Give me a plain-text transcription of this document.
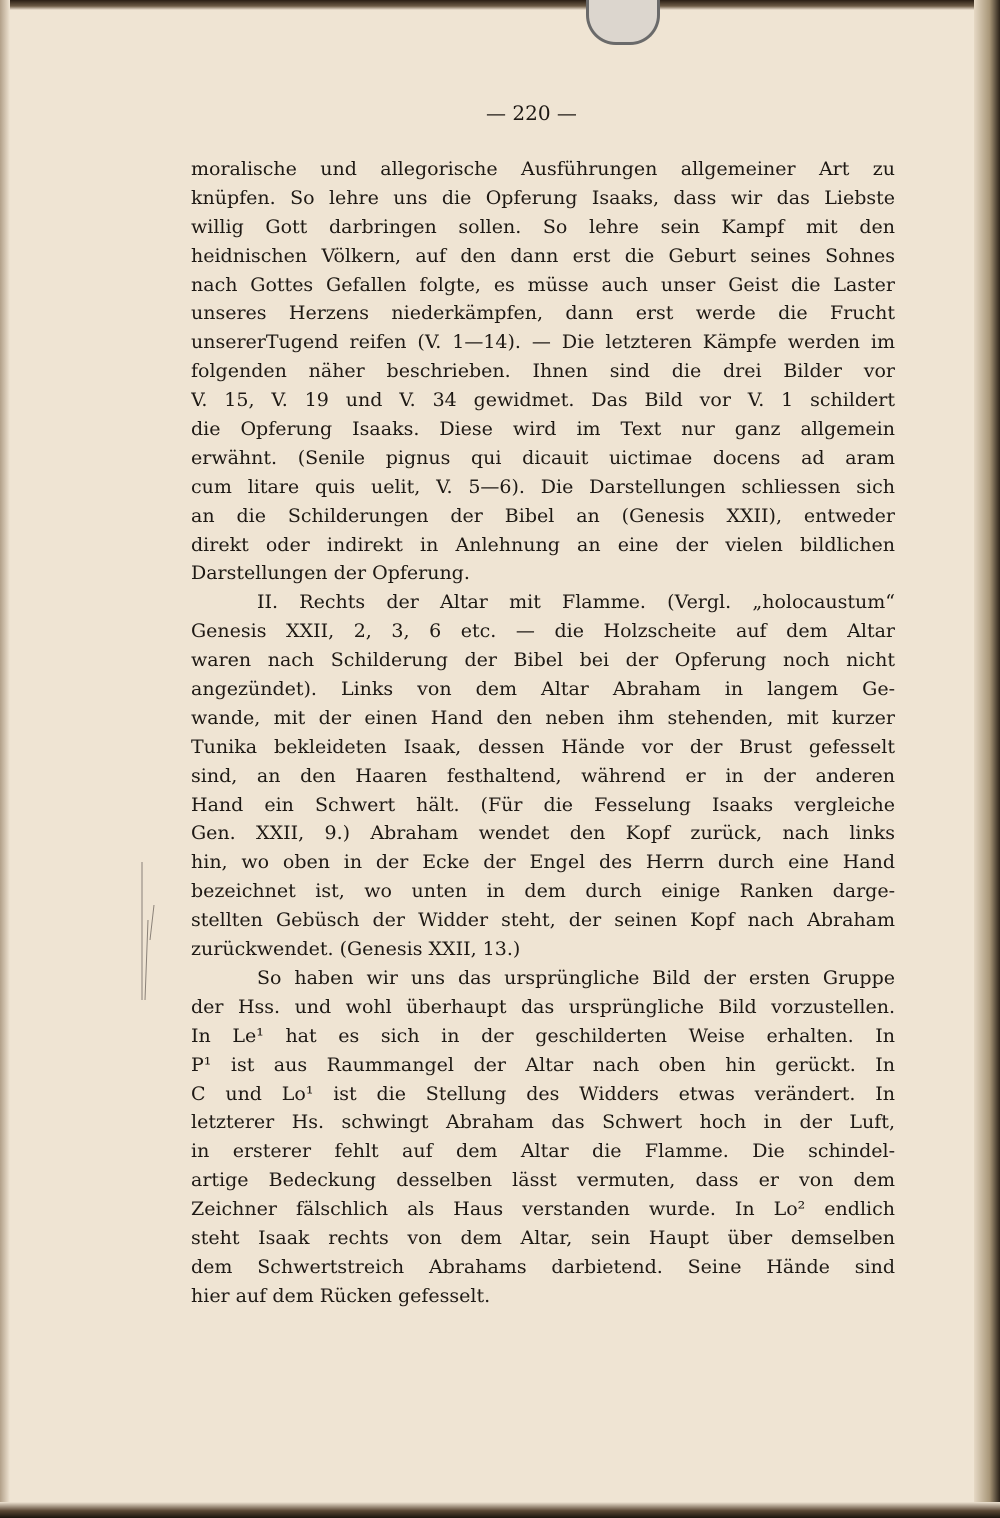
— 220 —
moralische und allegorische Ausführungen allgemeiner Art zu
knüpfen. So lehre uns die Opferung Isaaks, dass wir das Liebste
willig Gott darbringen sollen. So lehre sein Kampf mit den
heidnischen Völkern, auf den dann erst die Geburt seines Sohnes
nach Gottes Gefallen folgte, es müsse auch unser Geist die Laster
unseres Herzens niederkämpfen, dann erst werde die Frucht
unsererTugend reifen (V. 1—14). — Die letzteren Kämpfe werden im
folgenden näher beschrieben. Ihnen sind die drei Bilder vor
V. 15, V. 19 und V. 34 gewidmet. Das Bild vor V. 1 schildert
die Opferung Isaaks. Diese wird im Text nur ganz allgemein
erwähnt. (Senile pignus qui dicauit uictimae docens ad aram
cum litare quis uelit, V. 5—6). Die Darstellungen schliessen sich
an die Schilderungen der Bibel an (Genesis XXII), entweder
direkt oder indirekt in Anlehnung an eine der vielen bildlichen
Darstellungen der Opferung.
II. Rechts der Altar mit Flamme. (Vergl. „holocaustum“
Genesis XXII, 2, 3, 6 etc. — die Holzscheite auf dem Altar
waren nach Schilderung der Bibel bei der Opferung noch nicht
angezündet). Links von dem Altar Abraham in langem Ge-
wande, mit der einen Hand den neben ihm stehenden, mit kurzer
Tunika bekleideten Isaak, dessen Hände vor der Brust gefesselt
sind, an den Haaren festhaltend, während er in der anderen
Hand ein Schwert hält. (Für die Fesselung Isaaks vergleiche
Gen. XXII, 9.) Abraham wendet den Kopf zurück, nach links
hin, wo oben in der Ecke der Engel des Herrn durch eine Hand
bezeichnet ist, wo unten in dem durch einige Ranken darge-
stellten Gebüsch der Widder steht, der seinen Kopf nach Abraham
zurückwendet. (Genesis XXII, 13.)
So haben wir uns das ursprüngliche Bild der ersten Gruppe
der Hss. und wohl überhaupt das ursprüngliche Bild vorzustellen.
In Le¹ hat es sich in der geschilderten Weise erhalten. In
P¹ ist aus Raummangel der Altar nach oben hin gerückt. In
C und Lo¹ ist die Stellung des Widders etwas verändert. In
letzterer Hs. schwingt Abraham das Schwert hoch in der Luft,
in ersterer fehlt auf dem Altar die Flamme. Die schindel-
artige Bedeckung desselben lässt vermuten, dass er von dem
Zeichner fälschlich als Haus verstanden wurde. In Lo² endlich
steht Isaak rechts von dem Altar, sein Haupt über demselben
dem Schwertstreich Abrahams darbietend. Seine Hände sind
hier auf dem Rücken gefesselt.
